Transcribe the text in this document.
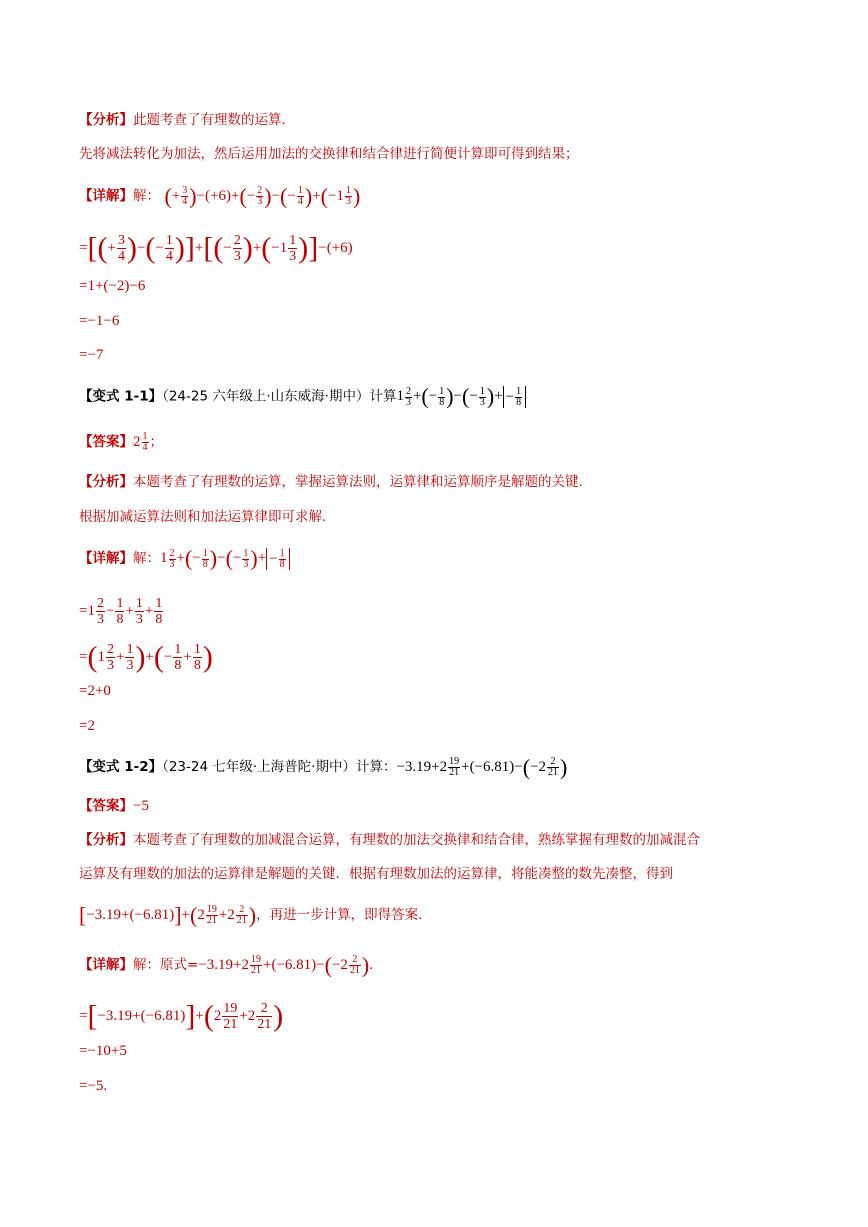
【分析】此题考查了有理数的运算.
先将减法转化为加法，然后运用加法的交换律和结合律进行简便计算即可得到结果；
【详解】解： (+ $\frac{3}{4} )-(+6)+(- \frac{2}{3}$ )−(− $\frac{1}{4} )+(-1 \frac{1}{3}$ )
=[(+ $\frac{3}{4}$ )−(− $\frac{1}{4}$ )]+[(− $\frac{2}{3} )+(-1 \frac{1}{3} )]-(+6)$
=1+(−2)−6
=−1−6
=−7
【变式 1-1】（24-25 六年级上·山东威海·期中）计算$1 \frac{2}{3}$ +(− $\frac{1}{8}$ )−(− $\frac{1}{3}$ )+ − $\frac{1}{8}$
【答案】$2 \frac{1}{4}$ ；
【分析】本题考查了有理数的运算，掌握运算法则，运算律和运算顺序是解题的关键.
根据加减运算法则和加法运算律即可求解.
【详解】解：$1 \frac{2}{3}$ +(− $\frac{1}{8}$ )−(− $\frac{1}{3}$ )+ − $\frac{1}{8}$
$=1 \frac{2}{3} - \frac{1}{8} + \frac{1}{3} + \frac{1}{8}$
$=(1 \frac{2}{3} + \frac{1}{3}$ )+(− $\frac{1}{8} + \frac{1}{8}$ )
=2+0
=2
【变式 1-2】（23-24 七年级·上海普陀·期中）计算：$-3.19+2 \frac{19}{21} +(-6.81)-(-2 \frac{2}{21}$ )
【答案】−5
【分析】本题考查了有理数的加减混合运算，有理数的加法交换律和结合律，熟练掌握有理数的加减混合
运算及有理数的加法的运算律是解题的关键．根据有理数加法的运算律，将能凑整的数先凑整，得到
$[-3.19+(-6.81)]+(2 \frac{19}{21} +2 \frac{2}{21}$ )，再进一步计算，即得答案.
【详解】解：原式$=-3.19+2 \frac{19}{21} +(-6.81)-(-2 \frac{2}{21}$ ).
$=[-3.19+(-6.81)]+(2 \frac{19}{21} +2 \frac{2}{21}$ )
=−10+5
=−5.
